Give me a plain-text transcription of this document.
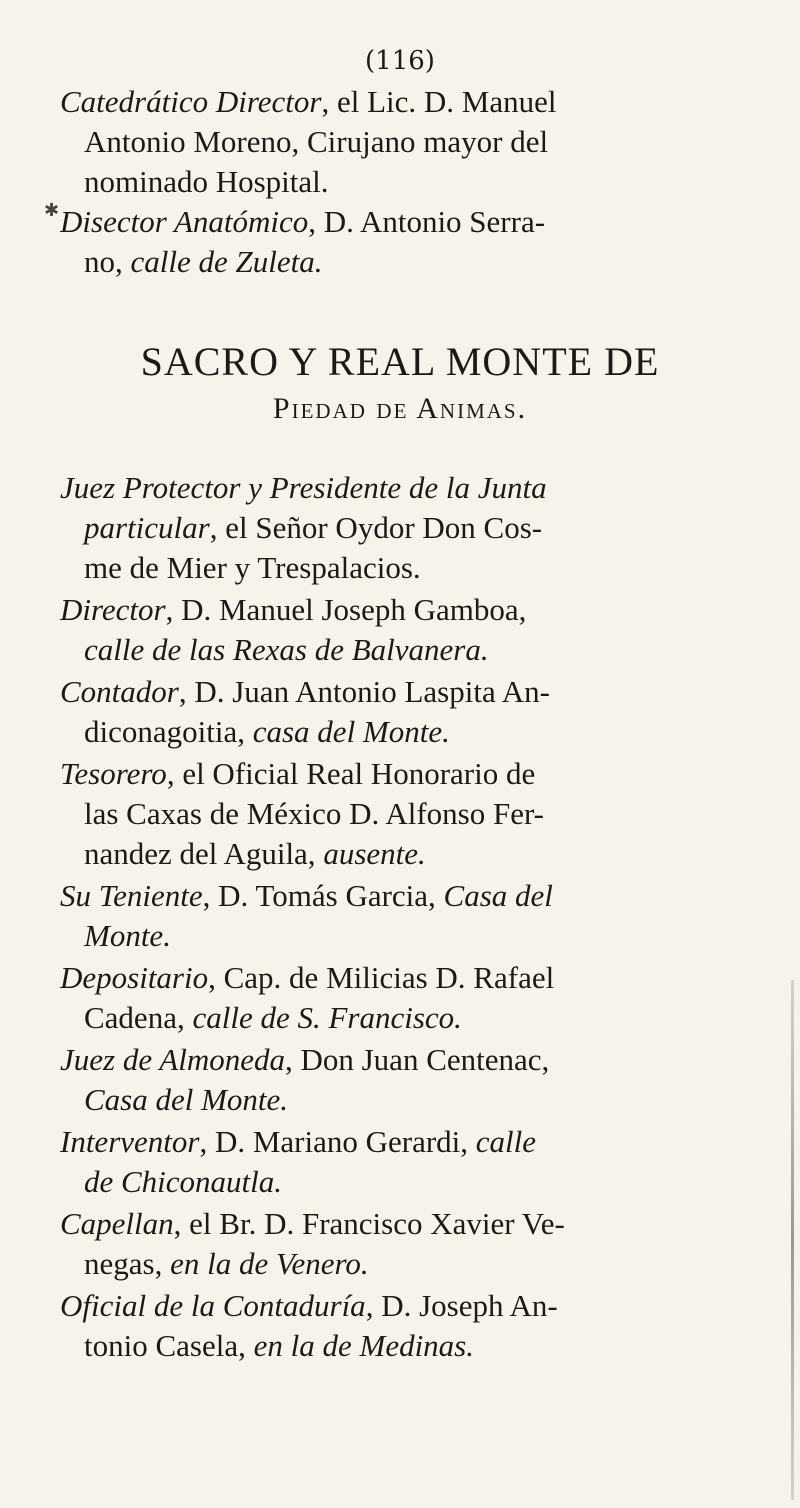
(116)
Catedrático Director, el Lic. D. Manuel
Antonio Moreno, Cirujano mayor del
nominado Hospital.
✱ Disector Anatómico, D. Antonio Serra-
no, calle de Zuleta.
SACRO Y REAL MONTE DE
Piedad de Animas.
Juez Protector y Presidente de la Junta
particular, el Señor Oydor Don Cos-
me de Mier y Trespalacios.
Director, D. Manuel Joseph Gamboa,
calle de las Rexas de Balvanera.
Contador, D. Juan Antonio Laspita An-
diconagoitia, casa del Monte.
Tesorero, el Oficial Real Honorario de
las Caxas de México D. Alfonso Fer-
nandez del Aguila, ausente.
Su Teniente, D. Tomás Garcia, Casa del
Monte.
Depositario, Cap. de Milicias D. Rafael
Cadena, calle de S. Francisco.
Juez de Almoneda, Don Juan Centenac,
Casa del Monte.
Interventor, D. Mariano Gerardi, calle
de Chiconautla.
Capellan, el Br. D. Francisco Xavier Ve-
negas, en la de Venero.
Oficial de la Contaduría, D. Joseph An-
tonio Casela, en la de Medinas.
